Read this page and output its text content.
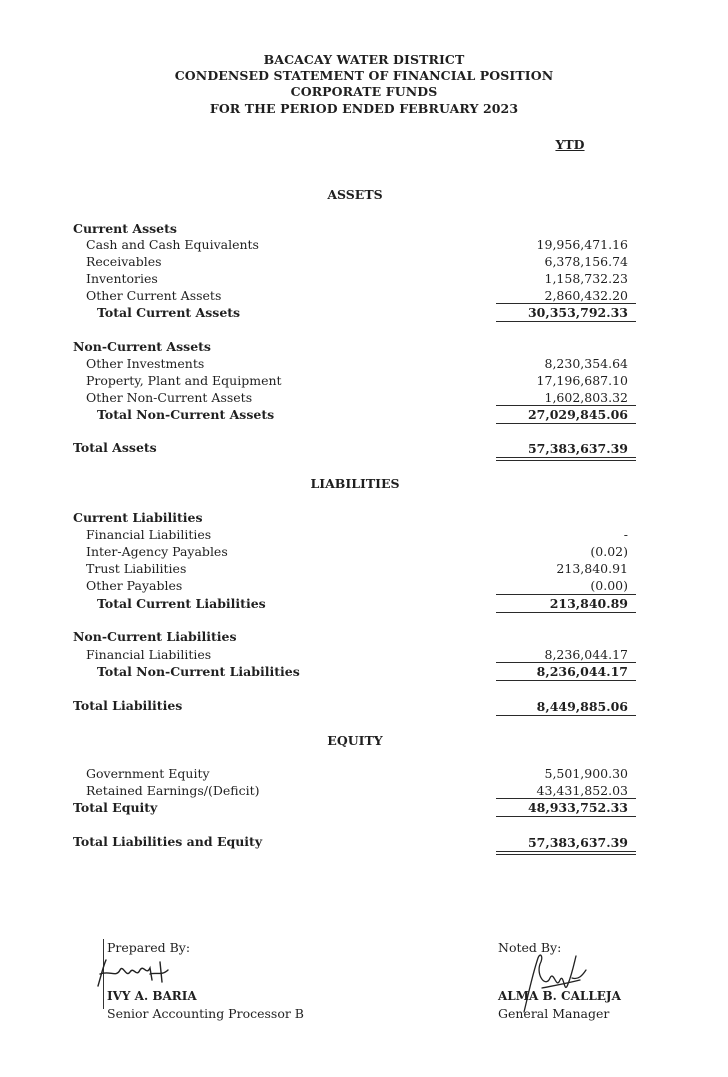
BACACAY WATER DISTRICT
CONDENSED STATEMENT OF FINANCIAL POSITION
CORPORATE FUNDS
FOR THE PERIOD ENDED FEBRUARY 2023
YTD
ASSETS
Current Assets
Cash and Cash Equivalents	19,956,471.16
Receivables	6,378,156.74
Inventories	1,158,732.23
Other Current Assets	2,860,432.20
Total Current Assets	30,353,792.33
Non-Current Assets
Other Investments	8,230,354.64
Property, Plant and Equipment	17,196,687.10
Other Non-Current Assets	1,602,803.32
Total Non-Current Assets	27,029,845.06
Total Assets	57,383,637.39
LIABILITIES
Current Liabilities
Financial Liabilities	-
Inter-Agency Payables	(0.02)
Trust Liabilities	213,840.91
Other Payables	(0.00)
Total Current Liabilities	213,840.89
Non-Current Liabilities
Financial Liabilities	8,236,044.17
Total Non-Current Liabilities	8,236,044.17
Total Liabilities	8,449,885.06
EQUITY
Government Equity	5,501,900.30
Retained Earnings/(Deficit)	43,431,852.03
Total Equity	48,933,752.33
Total Liabilities and Equity	57,383,637.39
Prepared By:
IVY A. BARIA
Senior Accounting Processor B
Noted By:
ALMA B. CALLEJA
General Manager
